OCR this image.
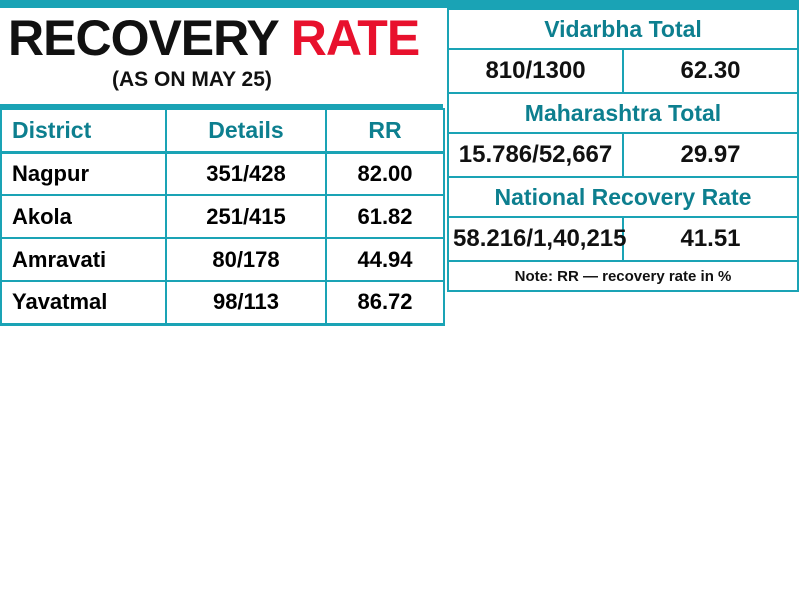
RECOVERY RATE
(AS ON MAY 25)
District	Details	RR
Nagpur	351/428	82.00
Akola	251/415	61.82
Amravati	80/178	44.94
Yavatmal	98/113	86.72
Vidarbha Total	
810/1300	62.30
Maharashtra Total	
15.786/52,667	29.97
National Recovery Rate	
58.216/1,40,215	41.51
Note: RR — recovery rate in %	
